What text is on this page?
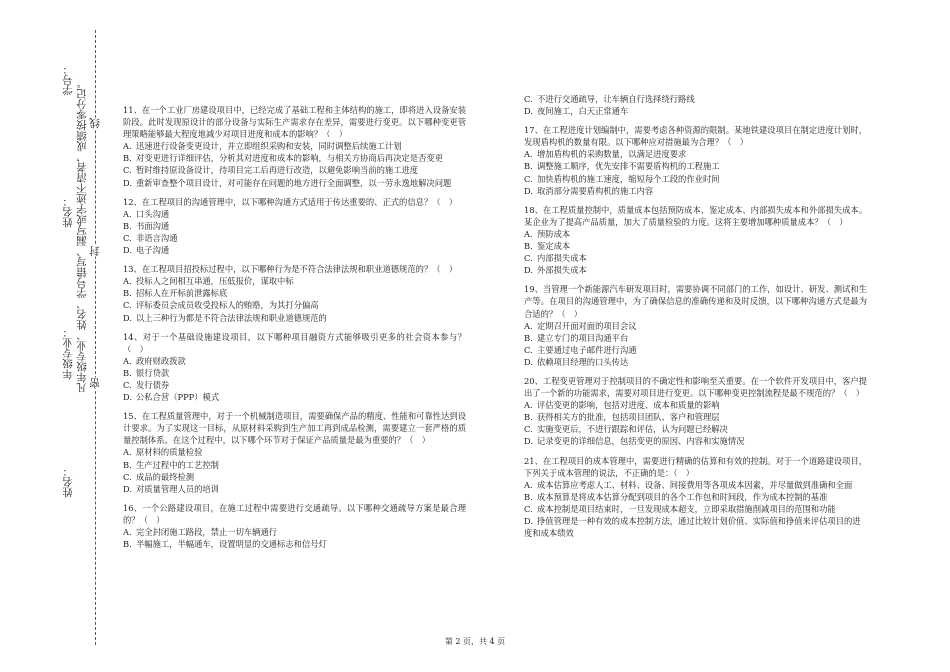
姓名：
年级专业：
姓名：
学号： 凡年级专业、姓名、学号错写、漏写或字迹不清者，成绩按零分记。 密
封
线

11、在一个工业厂房建设项目中，已经完成了基础工程和主体结构的施工，即将进入设备安装阶段。此时发现原设计的部分设备与实际生产需求存在差异，需要进行变更。以下哪种变更管理策略能够最大程度地减少对项目进度和成本的影响？（　）

A. 迅速进行设备变更设计，并立即组织采购和安装，同时调整后续施工计划

B. 对变更进行详细评估，分析其对进度和成本的影响，与相关方协商后再决定是否变更

C. 暂时维持原设备设计，待项目完工后再进行改造，以避免影响当前的施工进度

D. 重新审查整个项目设计，对可能存在问题的地方进行全面调整，以一劳永逸地解决问题

12、在工程项目的沟通管理中，以下哪种沟通方式适用于传达重要的、正式的信息？（　）

A. 口头沟通

B. 书面沟通

C. 非语言沟通

D. 电子沟通

13、在工程项目招投标过程中，以下哪种行为是不符合法律法规和职业道德规范的？（　）

A. 投标人之间相互串通，压低报价，谋取中标

B. 招标人在开标前泄露标底

C. 评标委员会成员收受投标人的贿赂，为其打分偏高

D. 以上三种行为都是不符合法律法规和职业道德规范的

14、对于一个基础设施建设项目，以下哪种项目融资方式能够吸引更多的社会资本参与？（　）

A. 政府财政拨款

B. 银行贷款

C. 发行债券

D. 公私合营（PPP）模式

15、在工程质量管理中，对于一个机械制造项目，需要确保产品的精度、性能和可靠性达到设计要求。为了实现这一目标，从原材料采购到生产加工再到成品检测，需要建立一套严格的质量控制体系。在这个过程中，以下哪个环节对于保证产品质量是最为重要的？（　）

A. 原材料的质量检验

B. 生产过程中的工艺控制

C. 成品的最终检测

D. 对质量管理人员的培训

16、一个公路建设项目，在施工过程中需要进行交通疏导。以下哪种交通疏导方案是最合理的？（　）

A. 完全封闭施工路段，禁止一切车辆通行

B. 半幅施工，半幅通车，设置明显的交通标志和信号灯

C. 不进行交通疏导，让车辆自行选择绕行路线

D. 夜间施工，白天正常通车

17、在工程进度计划编制中，需要考虑各种资源的限制。某地铁建设项目在制定进度计划时，发现盾构机的数量有限。以下哪种应对措施最为合理？（　）

A. 增加盾构机的采购数量，以满足进度要求

B. 调整施工顺序，优先安排不需要盾构机的工程施工

C. 加快盾构机的施工速度，缩短每个工段的作业时间

D. 取消部分需要盾构机的施工内容

18、在工程质量控制中，质量成本包括预防成本、鉴定成本、内部损失成本和外部损失成本。某企业为了提高产品质量，加大了质量检验的力度。这将主要增加哪种质量成本？（　）

A. 预防成本

B. 鉴定成本

C. 内部损失成本

D. 外部损失成本

19、当管理一个新能源汽车研发项目时，需要协调不同部门的工作，如设计、研发、测试和生产等。在项目的沟通管理中，为了确保信息的准确传递和及时反馈，以下哪种沟通方式是最为合适的？（　）

A. 定期召开面对面的项目会议

B. 建立专门的项目沟通平台

C. 主要通过电子邮件进行沟通

D. 依赖项目经理的口头传达

20、工程变更管理对于控制项目的不确定性和影响至关重要。在一个软件开发项目中，客户提出了一个新的功能需求，需要对项目进行变更。以下哪种变更控制流程是最不规范的？（　）

A. 评估变更的影响，包括对进度、成本和质量的影响

B. 获得相关方的批准，包括项目团队、客户和管理层

C. 实施变更后，不进行跟踪和评估，认为问题已经解决

D. 记录变更的详细信息，包括变更的原因、内容和实施情况

21、在工程项目的成本管理中，需要进行精确的估算和有效的控制。对于一个道路建设项目，下列关于成本管理的说法，不正确的是：（　）

A. 成本估算应考虑人工、材料、设备、间接费用等各项成本因素，并尽量做到准确和全面

B. 成本预算是将成本估算分配到项目的各个工作包和时间段，作为成本控制的基准

C. 成本控制是项目结束时，一旦发现成本超支，立即采取措施削减项目的范围和功能

D. 挣值管理是一种有效的成本控制方法，通过比较计划价值、实际值和挣值来评估项目的进度和成本绩效

第 2 页，共 4 页
